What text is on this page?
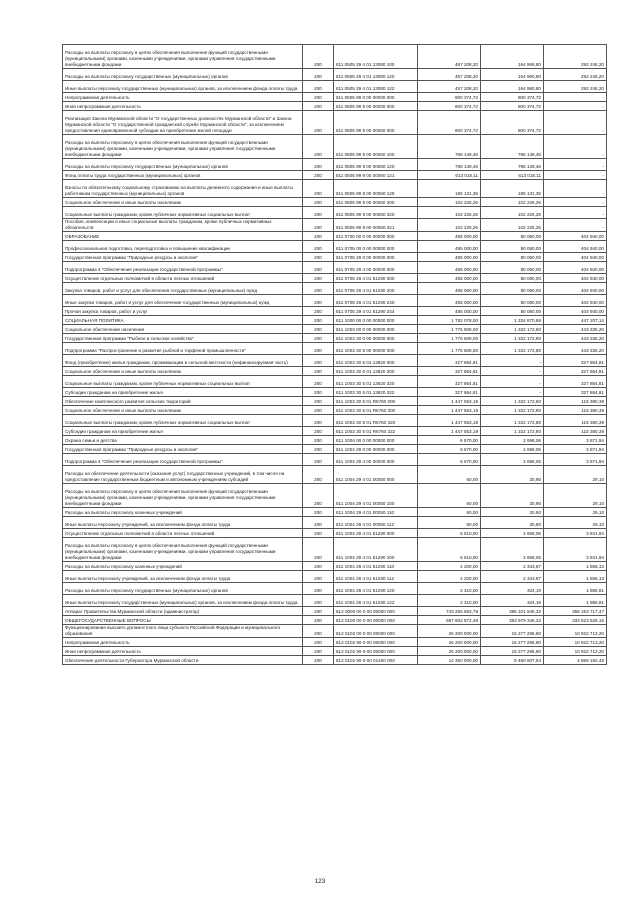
Расходы на выплаты персоналу в целях обеспечения выполнения функций государственными (муниципальными) органами, казенными учреждениями, органами управления государственными внебюджетными фондами	200	811 0505 29 4 01 13080 100	467 208,20	164 966,80	292 246,20
Расходы на выплаты персоналу государственных (муниципальных) органов	200	811 0505 29 4 01 13080 120	457 208,20	164 960,80	292 246,20
Иные выплаты персоналу государственных (муниципальных) органов, за исключением фонда оплаты труда	200	811 0505 29 4 01 13080 122	457 208,20	164 960,80	292 246,20
Непрограммная деятельность	200	811 0505 99 0 00 00000 000	800 374,72	800 374,72	-
Иная непрограммная деятельность	200	811 0505 99 9 00 00000 000	800 374,72	800 374,72	-
Реализация Закона Мурманской области "О государственных должностях Мурманской области" и Закона Мурманской области "О государственной гражданской службе Мурманской области", за исключением предоставления единовременной субсидии на приобретение жилой площади	200	811 0505 99 9 00 00060 000	800 374,72	800 374,72	-
Расходы на выплаты персоналу в целях обеспечения выполнения функций государственными (муниципальными) органами, казенными учреждениями, органами управления государственными внебюджетными фондами	200	811 0505 99 9 00 00060 100	798 149,46	798 149,46	-
Расходы на выплаты персоналу государственных (муниципальных) органов	200	811 0505 99 9 00 00060 120	798 149,46	798 149,46	-
Фонд оплаты труда государственных (муниципальных) органов	200	811 0505 99 9 00 00060 121	613 018,11	613 018,11	-
Взносы по обязательному социальному страхованию на выплаты денежного содержания и иные выплаты работникам государственных (муниципальных) органов	200	811 0505 99 9 00 00060 129	185 131,35	185 131,35	-
Социальное обеспечение и иные выплаты населению	200	811 0505 99 9 00 00060 300	102 225,26	102 225,26	-
Социальные выплаты гражданам, кроме публичных нормативных социальных выплат	200	811 0505 99 9 00 00060 320	102 225,26	102 225,26	-
Пособия, компенсации и иные социальные выплаты гражданам, кроме публичных нормативных обязательств	200	811 0505 99 9 00 00060 321	102 225,26	102 225,26	-
ОБРАЗОВАНИЕ	200	811 0700 00 0 00 00000 000	485 000,00	80 060,00	404 940,00
Профессиональная подготовка, переподготовка и повышение квалификации	200	811 0705 00 0 00 00000 000	485 000,00	80 060,00	404 940,00
Государственная программа "Природные ресурсы и экология"	200	811 0705 29 0 00 00000 000	485 000,00	80 060,00	404 940,00
Подпрограмма 4 "Обеспечение реализации государственной программы"	200	811 0705 29 4 00 00000 000	485 000,00	80 060,00	404 940,00
Осуществление отдельных полномочий в области лесных отношений	200	811 0705 29 4 01 51290 000	485 000,00	80 060,00	404 940,00
Закупка товаров, работ и услуг для обеспечения государственных (муниципальных) нужд	200	811 0705 29 4 01 51290 200	485 000,00	80 060,00	404 940,00
Иные закупки товаров, работ и услуг для обеспечения государственных (муниципальных) нужд	200	811 0705 29 4 01 51290 240	485 000,00	80 060,00	404 940,00
Прочая закупка товаров, работ и услуг	200	811 0705 29 4 01 51290 244	485 000,00	80 060,00	404 940,00
СОЦИАЛЬНАЯ ПОЛИТИКА	200	811 1000 00 0 00 00000 000	1 782 078,00	1 334 870,86	447 207,14
Социальное обеспечение населения	200	811 1003 00 0 00 00000 000	1 775 508,00	1 332 172,80	443 335,20
Государственная программа "Рыбное и сельское хозяйство"	200	811 1003 30 0 00 00000 000	1 775 508,00	1 332 172,80	443 335,20
Подпрограмма "Распространение и развитие рыбной и торфяной промышленности"	200	811 1003 30 5 00 00000 000	1 775 508,00	1 332 172,80	443 335,20
Фонд (приобретение) жилья гражданам, проживающим в сельской местности (нефинансируемая часть)	200	811 1003 30 5 01 13820 000	327 864,81	-	327 864,81
Социальное обеспечение и иные выплаты населению	200	811 1003 30 5 01 13820 300	327 864,81	-	327 864,81
Социальные выплаты гражданам, кроме публичных нормативных социальных выплат	200	811 1003 30 5 01 13820 320	327 864,81	-	327 864,81
Субсидии гражданам на приобретение жилья	200	811 1003 30 5 01 13820 322	327 864,81	-	327 864,81
Обеспечение комплексного развития сельских территорий	200	811 1003 30 5 01 R5760 000	1 447 553,19	1 332 172,80	115 380,39
Социальное обеспечение и иные выплаты населению	200	811 1003 30 5 01 R5760 300	1 447 553,19	1 332 172,80	115 380,39
Социальные выплаты гражданам, кроме публичных нормативных социальных выплат	200	811 1003 30 5 01 R5760 320	1 447 553,19	1 332 172,80	115 380,39
Субсидии гражданам на приобретение жилья	200	811 1003 30 5 01 R5760 322	1 447 553,19	1 332 172,80	115 380,39
Охрана семьи и детства	200	811 1004 00 0 00 00000 000	6 570,00	2 698,06	3 871,94
Государственная программа "Природные ресурсы и экология"	200	811 1004 29 0 00 00000 000	6 570,00	2 698,06	3 871,94
Подпрограмма 4 "Обеспечение реализации государственной программы"	200	811 1004 29 4 00 00000 000	6 570,00	2 698,06	3 871,94
Расходы на обеспечение деятельности (оказание услуг) государственных учреждений, в том числе на предоставление государственным бюджетным и автономным учреждениям субсидий	200	811 1004 29 4 01 00050 000	60,00	30,90	29,10
Расходы на выплаты персоналу в целях обеспечения выполнения функций государственными (муниципальными) органами, казенными учреждениями, органами управления государственными внебюджетными фондами	200	811 1004 29 4 01 00050 100	60,00	30,90	29,10
Расходы на выплаты персоналу казенных учреждений	200	811 1004 29 4 01 00050 110	60,00	30,90	29,10
Иные выплаты персоналу учреждений, за исключением фонда оплаты труда	200	811 1004 29 4 01 00050 112	60,00	30,90	29,10
Осуществление отдельных полномочий в области лесных отношений	200	811 1004 29 4 01 51290 000	6 510,00	2 668,06	3 841,94
Расходы на выплаты персоналу в целях обеспечения выполнения функций государственными (муниципальными) органами, казенными учреждениями, органами управления государственными внебюджетными фондами	200	811 1004 29 4 01 51290 100	6 510,00	2 668,06	3 841,94
Расходы на выплаты персоналу казенных учреждений	200	811 1004 29 4 01 51290 110	4 200,00	2 343,87	1 856,13
Иные выплаты персоналу учреждений, за исключением фонда оплаты труда	200	811 1004 29 4 01 51290 112	4 200,00	2 343,87	1 856,13
Расходы на выплаты персоналу государственных (муниципальных) органов	200	811 1004 29 4 01 51290 120	2 310,00	324,19	1 985,81
Иные выплаты персоналу государственных (муниципальных) органов, за исключением фонда оплаты труда	200	811 1004 29 4 01 51290 122	2 310,00	324,19	1 985,81
Аппарат Правительства Мурманской области (администратор)	200	812 0000 00 0 00 00000 000	743 255 563,78	385 101 846,32	358 153 717,47
ОБЩЕГОСУДАРСТВЕННЫЕ ВОПРОСЫ	200	812 0100 00 0 00 00000 000	687 602 872,48	353 979 346,32	333 623 526,16
Функционирование высшего должностного лица субъекта Российской Федерации и муниципального образования	200	812 0102 00 0 00 00000 000	26 200 000,00	15 277 286,80	10 922 713,20
Непрограммная деятельность	200	812 0102 99 0 00 00000 000	26 200 000,00	15 277 286,80	10 922 713,20
Иная непрограммная деятельность	200	812 0102 99 9 00 00000 000	26 200 000,00	15 277 286,80	10 922 713,20
Обеспечение деятельности Губернатора Мурманской области	200	812 0102 99 9 00 01400 000	14 350 000,00	9 480 807,54	4 869 192,46
123
